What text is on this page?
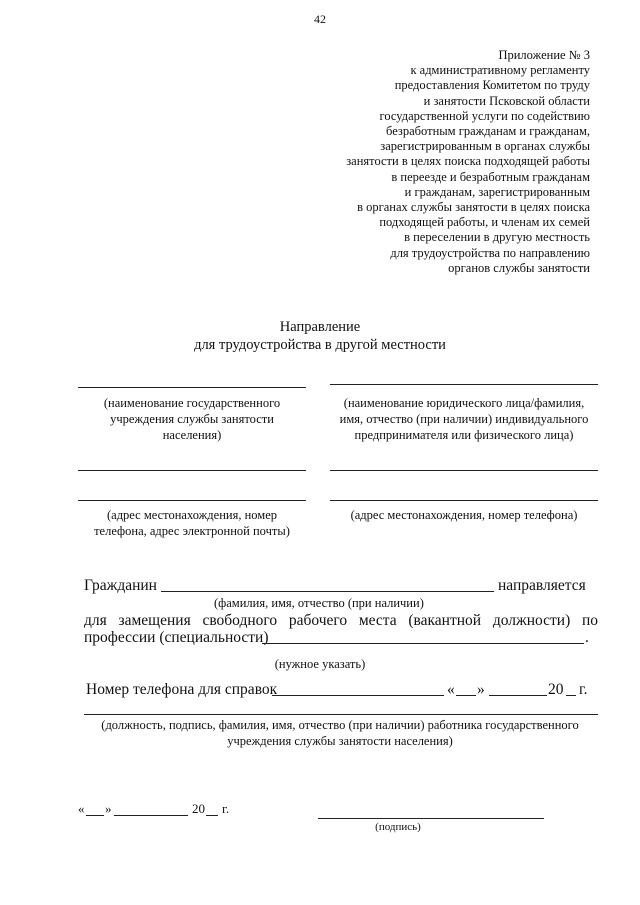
42
Приложение № 3
к административному регламенту
предоставления Комитетом по труду
и занятости Псковской области
государственной услуги по содействию
безработным гражданам и гражданам,
зарегистрированным в органах службы
занятости в целях поиска подходящей работы
в переезде и безработным гражданам
и гражданам, зарегистрированным
в органах службы занятости в целях поиска
подходящей работы, и членам их семей
в переселении в другую местность
для трудоустройства по направлению
органов службы занятости
Направление
для трудоустройства в другой местности
(наименование государственного
учреждения службы занятости
населения)
(адрес местонахождения, номер
телефона, адрес электронной почты)
(наименование юридического лица/фамилия,
имя, отчество (при наличии) индивидуального
предпринимателя или физического лица)
(адрес местонахождения, номер телефона)
Гражданин	направляется
(фамилия, имя, отчество (при наличии)
для замещения свободного рабочего места (вакантной должности) по
профессии (специальности)	.
(нужное указать)
Номер телефона для справок	« »	20 г.
(должность, подпись, фамилия, имя, отчество (при наличии) работника государственного
учреждения службы занятости населения)
« »	20 г.
(подпись)
